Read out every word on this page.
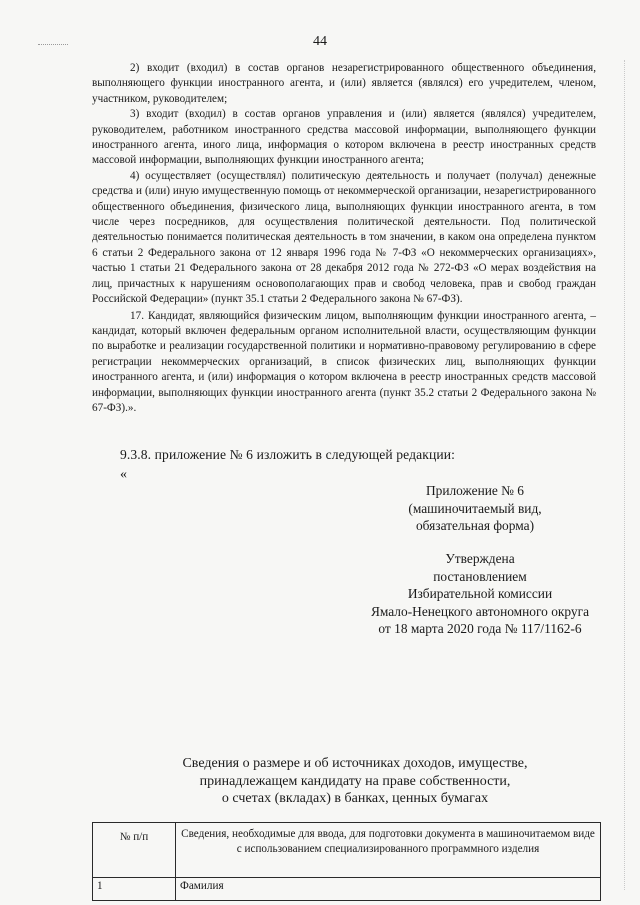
44

2) входит (входил) в состав органов незарегистрированного общественного объединения, выполняющего функции иностранного агента, и (или) является (являлся) его учредителем, членом, участником, руководителем;

3) входит (входил) в состав органов управления и (или) является (являлся) учредителем, руководителем, работником иностранного средства массовой информации, выполняющего функции иностранного агента, иного лица, информация о котором включена в реестр иностранных средств массовой информации, выполняющих функции иностранного агента;

4) осуществляет (осуществлял) политическую деятельность и получает (получал) денежные средства и (или) иную имущественную помощь от некоммерческой организации, незарегистрированного общественного объединения, физического лица, выполняющих функции иностранного агента, в том числе через посредников, для осуществления политической деятельности. Под политической деятельностью понимается политическая деятельность в том значении, в каком она определена пунктом 6 статьи 2 Федерального закона от 12 января 1996 года № 7-ФЗ «О некоммерческих организациях», частью 1 статьи 21 Федерального закона от 28 декабря 2012 года № 272-ФЗ «О мерах воздействия на лиц, причастных к нарушениям основополагающих прав и свобод человека, прав и свобод граждан Российской Федерации» (пункт 35.1 статьи 2 Федерального закона № 67-ФЗ).

17. Кандидат, являющийся физическим лицом, выполняющим функции иностранного агента, – кандидат, который включен федеральным органом исполнительной власти, осуществляющим функции по выработке и реализации государственной политики и нормативно-правовому регулированию в сфере регистрации некоммерческих организаций, в список физических лиц, выполняющих функции иностранного агента, и (или) информация о котором включена в реестр иностранных средств массовой информации, выполняющих функции иностранного агента (пункт 35.2 статьи 2 Федерального закона № 67-ФЗ).».

9.3.8. приложение № 6 изложить в следующей редакции:
«
Приложение № 6
(машиночитаемый вид,
обязательная форма)
Утверждена
постановлением
Избирательной комиссии
Ямало-Ненецкого автономного округа
от 18 марта 2020 года № 117/1162-6
Сведения о размере и об источниках доходов, имуществе,
принадлежащем кандидату на праве собственности,
о счетах (вкладах) в банках, ценных бумагах
№ п/п	Сведения, необходимые для ввода, для подготовки документа в машиночитаемом виде с использованием специализированного программного изделия
1	Фамилия
